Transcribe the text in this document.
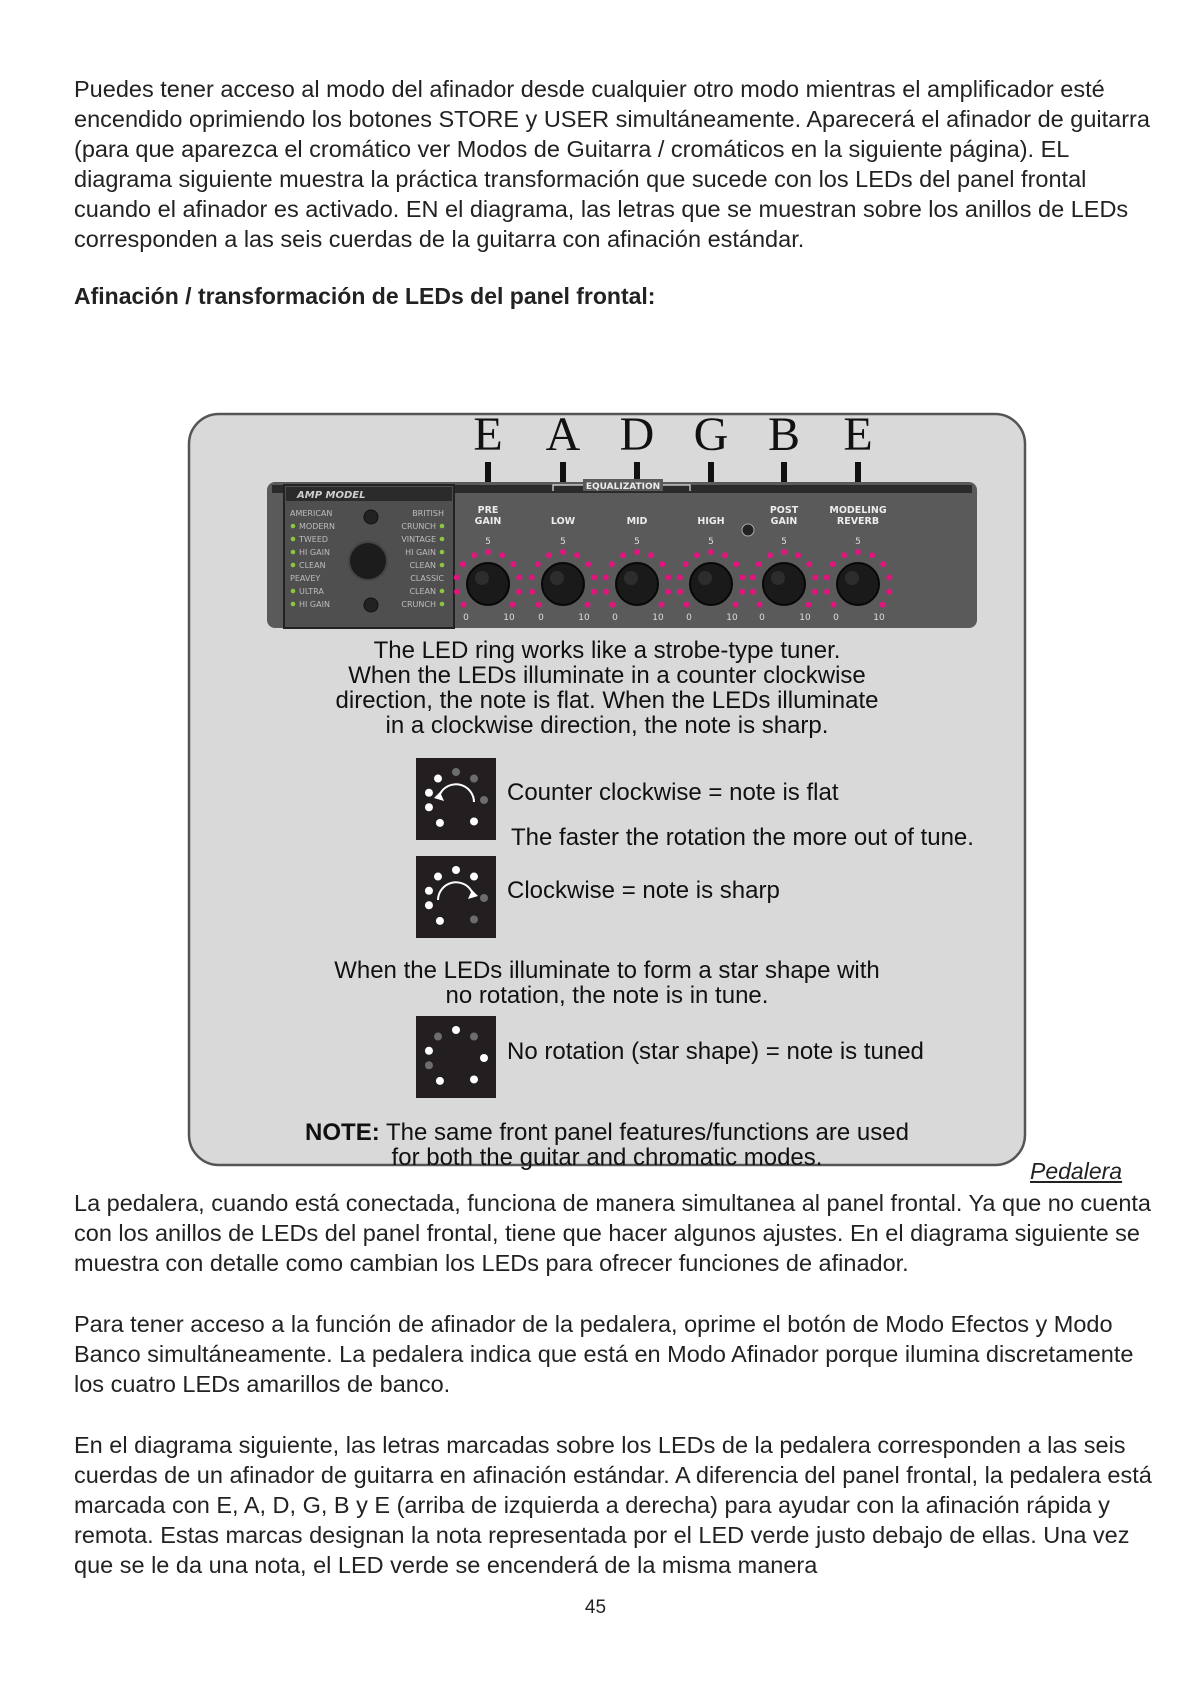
Puedes tener acceso al modo del afinador desde cualquier otro modo mientras el amplificador esté encendido oprimiendo los botones STORE y USER simultáneamente. Aparecerá el afinador de guitarra (para que aparezca el cromático ver Modos de Guitarra / cromáticos en la siguiente página). EL diagrama siguiente muestra la práctica transformación que sucede con los LEDs del panel frontal cuando el afinador es activado. EN el diagrama, las letras que se muestran sobre los anillos de LEDs corresponden a las seis cuerdas de la guitarra con afinación estándar.

Afinación / transformación de LEDs del panel frontal:

E A D G B E
AMP MODEL
AMERICAN
MODERN
TWEED
HI GAIN
CLEAN
PEAVEY
ULTRA
HI GAIN
BRITISH
CRUNCH
VINTAGE
HI GAIN
CLEAN
CLASSIC
CLEAN
CRUNCH
EQUALIZATION
PRE
GAIN
5
0	10
LOW
5
0	10
MID
5
0	10
HIGH
5
0	10
POST
GAIN
5
0	10
MODELING
REVERB
5
0	10
The LED ring works like a strobe-type tuner.
When the LEDs illuminate in a counter clockwise
direction, the note is flat. When the LEDs illuminate
in a clockwise direction, the note is sharp.
Counter clockwise = note is flat
The faster the rotation the more out of tune.
Clockwise = note is sharp
When the LEDs illuminate to form a star shape with
no rotation, the note is in tune.
No rotation (star shape) = note is tuned
NOTE: The same front panel features/functions are used
for both the guitar and chromatic modes.	Pedalera

La pedalera, cuando está conectada, funciona de manera simultanea al panel frontal. Ya que no cuenta con los anillos de LEDs del panel frontal, tiene que hacer algunos ajustes. En el diagrama siguiente se muestra con detalle como cambian los LEDs para ofrecer funciones de afinador.

Para tener acceso a la función de afinador de la pedalera, oprime el botón de Modo Efectos y Modo Banco simultáneamente. La pedalera indica que está en Modo Afinador porque ilumina discretamente los cuatro LEDs amarillos de banco.

En el diagrama siguiente, las letras marcadas sobre los LEDs de la pedalera corresponden a las seis cuerdas de un afinador de guitarra en afinación estándar. A diferencia del panel frontal, la pedalera está marcada con E, A, D, G, B y E (arriba de izquierda a derecha) para ayudar con la afinación rápida y remota. Estas marcas designan la nota representada por el LED verde justo debajo de ellas. Una vez que se le da una nota, el LED verde se encenderá de la misma manera

45
